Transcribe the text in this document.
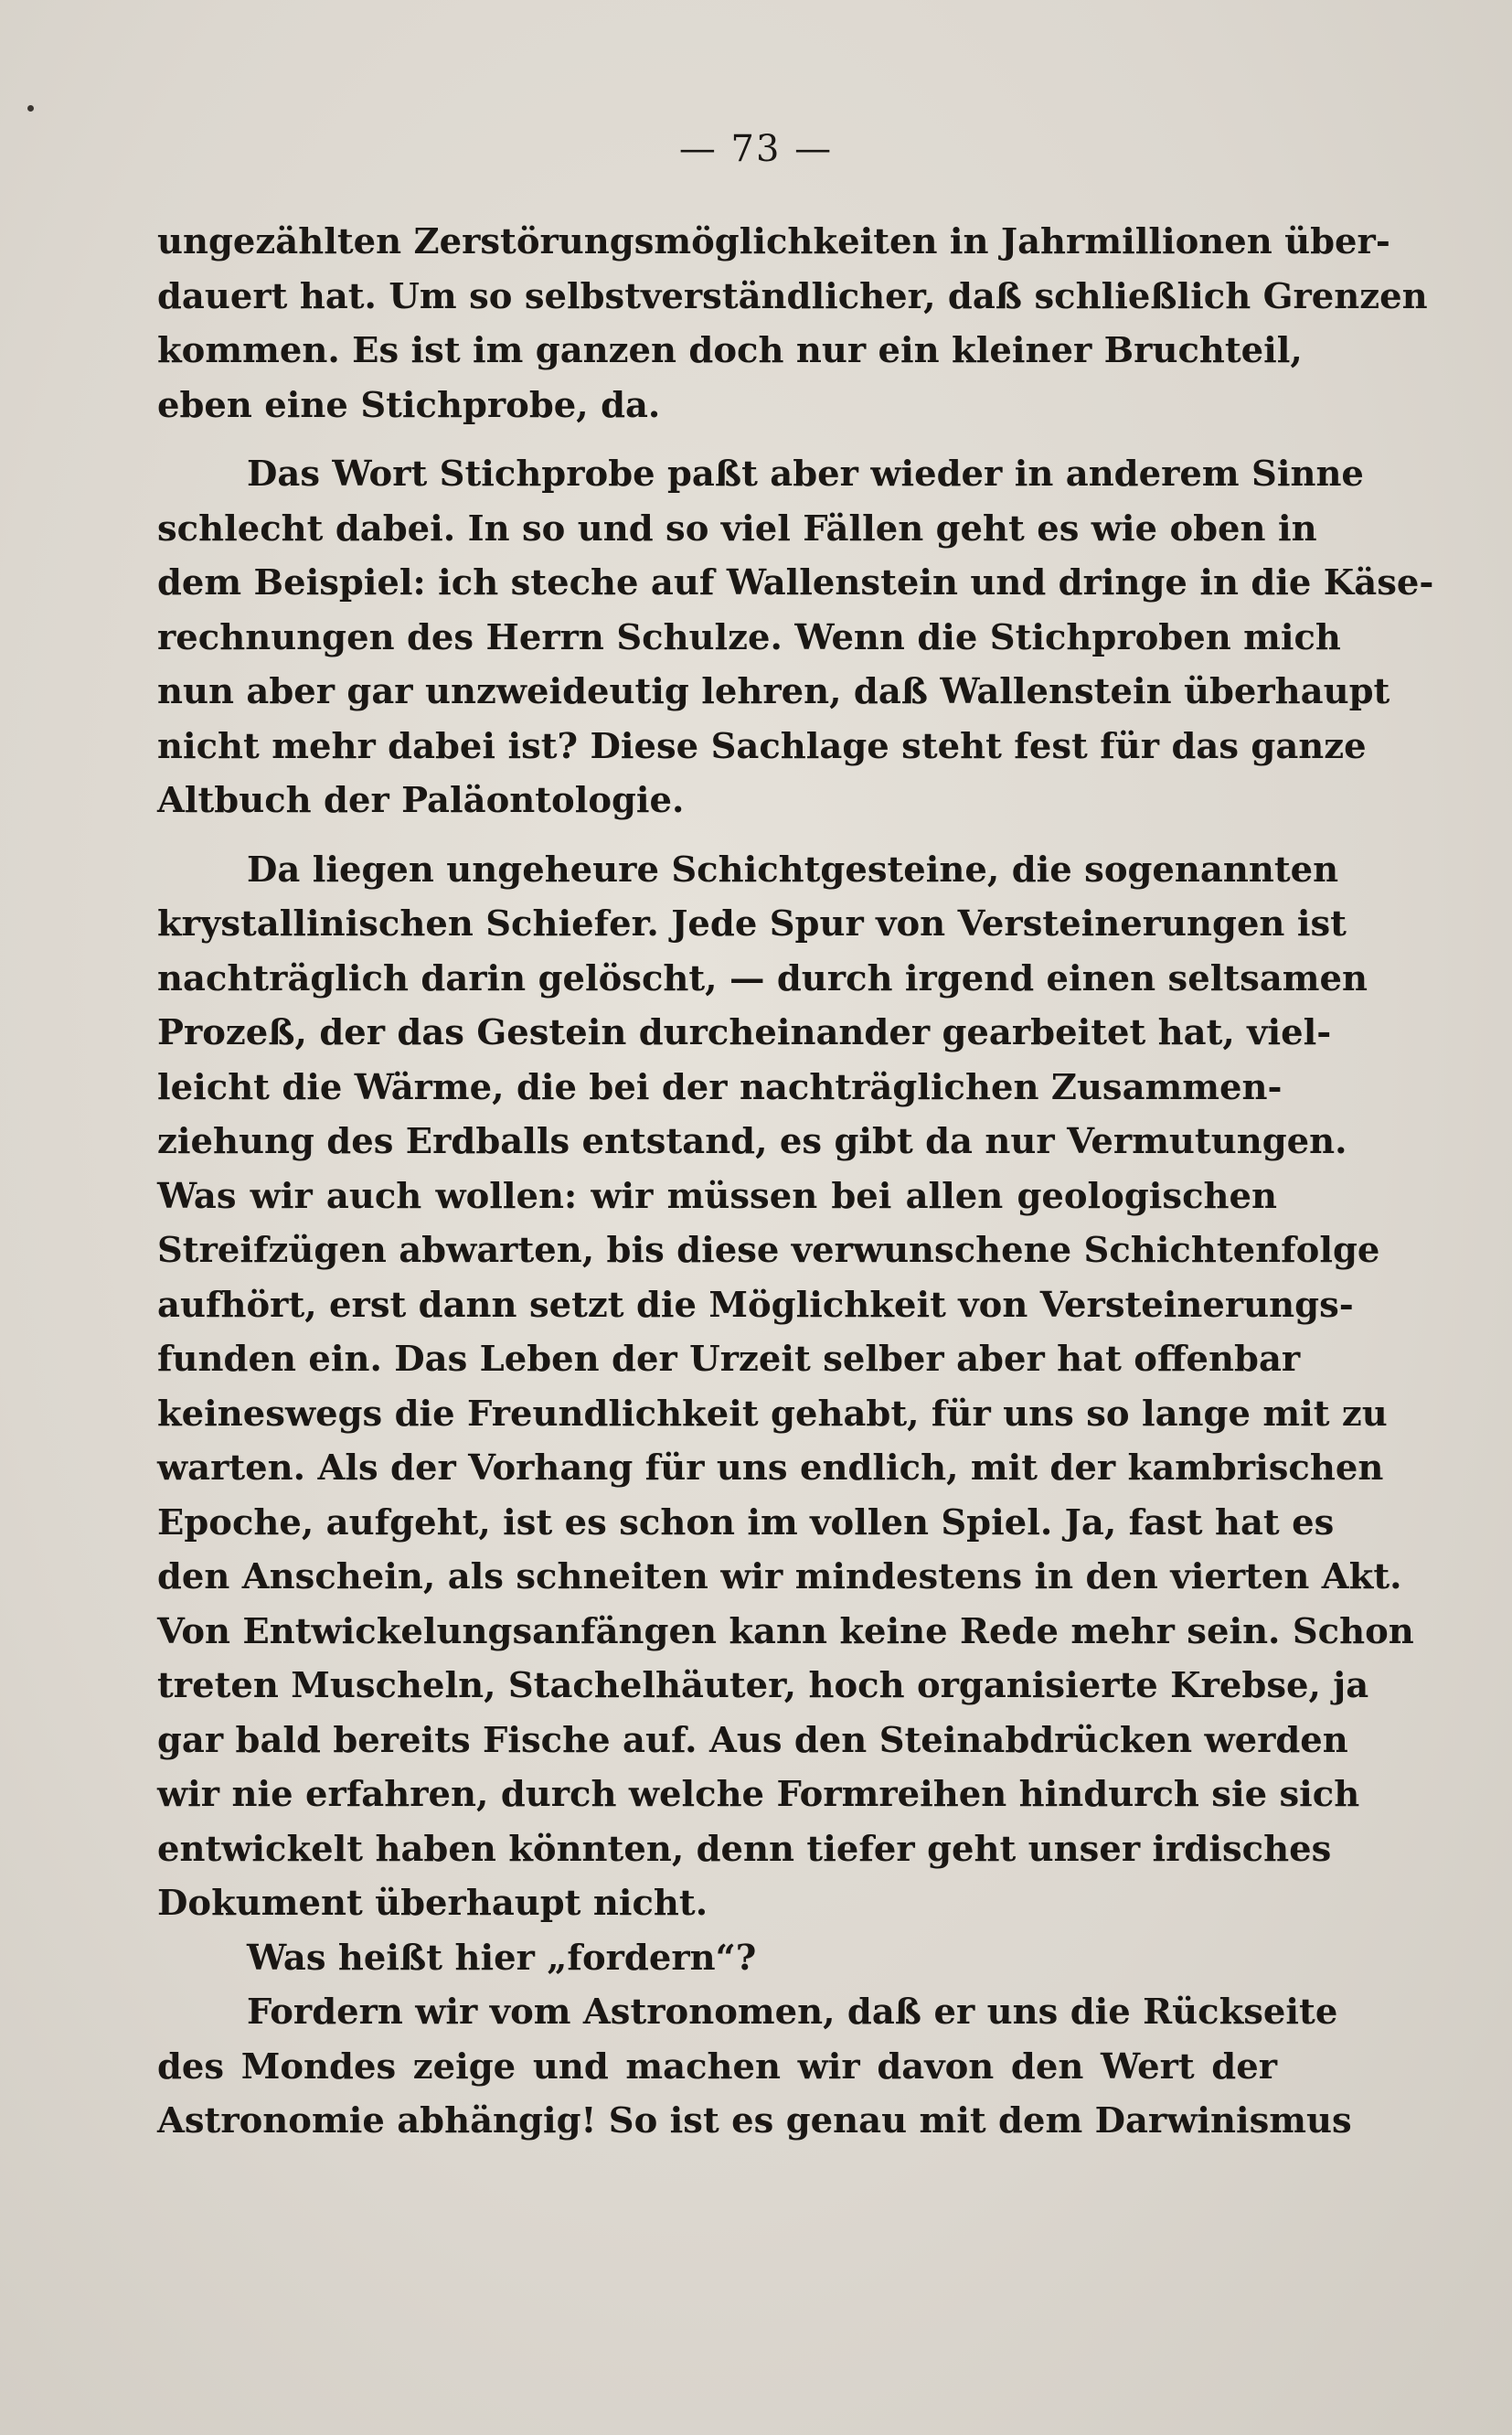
— 73 —
ungezählten Zerstörungsmöglichkeiten in Jahrmillionen über-
dauert hat. Um so selbstverständlicher, daß schließlich Grenzen
kommen. Es ist im ganzen doch nur ein kleiner Bruchteil,
eben eine Stichprobe, da.
Das Wort Stichprobe paßt aber wieder in anderem Sinne
schlecht dabei. In so und so viel Fällen geht es wie oben in
dem Beispiel: ich steche auf Wallenstein und dringe in die Käse-
rechnungen des Herrn Schulze. Wenn die Stichproben mich
nun aber gar unzweideutig lehren, daß Wallenstein überhaupt
nicht mehr dabei ist? Diese Sachlage steht fest für das ganze
Altbuch der Paläontologie.
Da liegen ungeheure Schichtgesteine, die sogenannten
krystallinischen Schiefer. Jede Spur von Versteinerungen ist
nachträglich darin gelöscht, — durch irgend einen seltsamen
Prozeß, der das Gestein durcheinander gearbeitet hat, viel-
leicht die Wärme, die bei der nachträglichen Zusammen-
ziehung des Erdballs entstand, es gibt da nur Vermutungen.
Was wir auch wollen: wir müssen bei allen geologischen
Streifzügen abwarten, bis diese verwunschene Schichtenfolge
aufhört, erst dann setzt die Möglichkeit von Versteinerungs-
funden ein. Das Leben der Urzeit selber aber hat offenbar
keineswegs die Freundlichkeit gehabt, für uns so lange mit zu
warten. Als der Vorhang für uns endlich, mit der kambrischen
Epoche, aufgeht, ist es schon im vollen Spiel. Ja, fast hat es
den Anschein, als schneiten wir mindestens in den vierten Akt.
Von Entwickelungsanfängen kann keine Rede mehr sein. Schon
treten Muscheln, Stachelhäuter, hoch organisierte Krebse, ja
gar bald bereits Fische auf. Aus den Steinabdrücken werden
wir nie erfahren, durch welche Formreihen hindurch sie sich
entwickelt haben könnten, denn tiefer geht unser irdisches
Dokument überhaupt nicht.
Was heißt hier „fordern“?
Fordern wir vom Astronomen, daß er uns die Rückseite
des Mondes zeige und machen wir davon den Wert der
Astronomie abhängig! So ist es genau mit dem Darwinismus
